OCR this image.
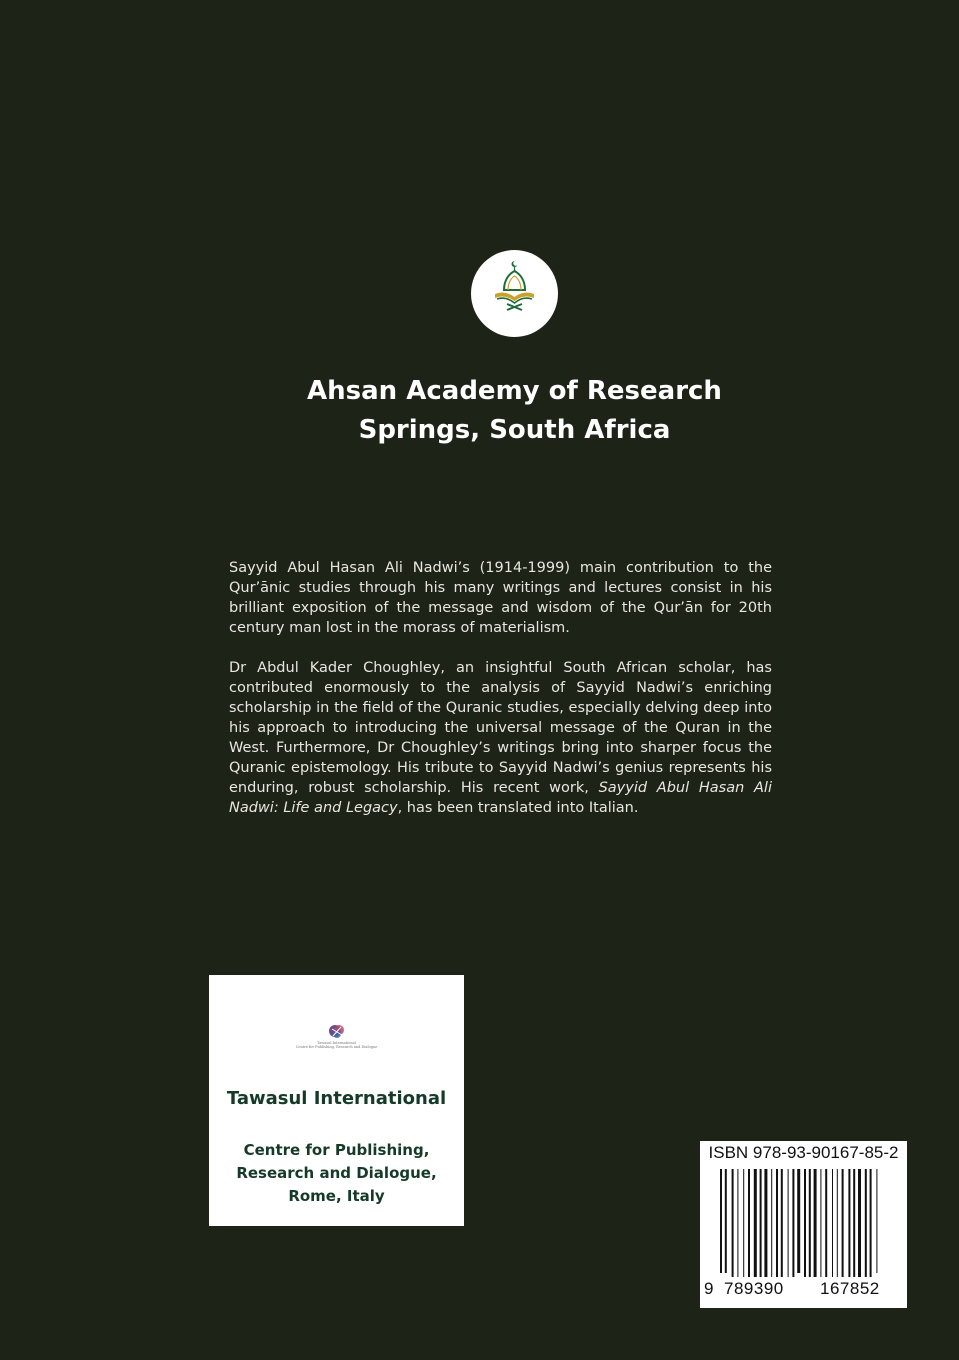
Ahsan Academy of Research
Springs, South Africa

Sayyid Abul Hasan Ali Nadwi’s (1914-1999) main contribution to the Qur’ānic studies through his many writings and lectures consist in his brilliant exposition of the message and wisdom of the Qur’ān for 20th century man lost in the morass of materialism.

Dr Abdul Kader Choughley, an insightful South African scholar, has contributed enormously to the analysis of Sayyid Nadwi’s enriching scholarship in the field of the Quranic studies, especially delving deep into his approach to introducing the universal message of the Quran in the West. Furthermore, Dr Choughley’s writings bring into sharper focus the Quranic epistemology. His tribute to Sayyid Nadwi’s genius represents his enduring, robust scholarship. His recent work, Sayyid Abul Hasan Ali Nadwi: Life and Legacy, has been translated into Italian.

Tawasul International
Centre for Publishing, Research and Dialogue
Tawasul International
Centre for Publishing,
Research and Dialogue,
Rome, Italy
ISBN 978-93-90167-85-2
9 789390 167852
